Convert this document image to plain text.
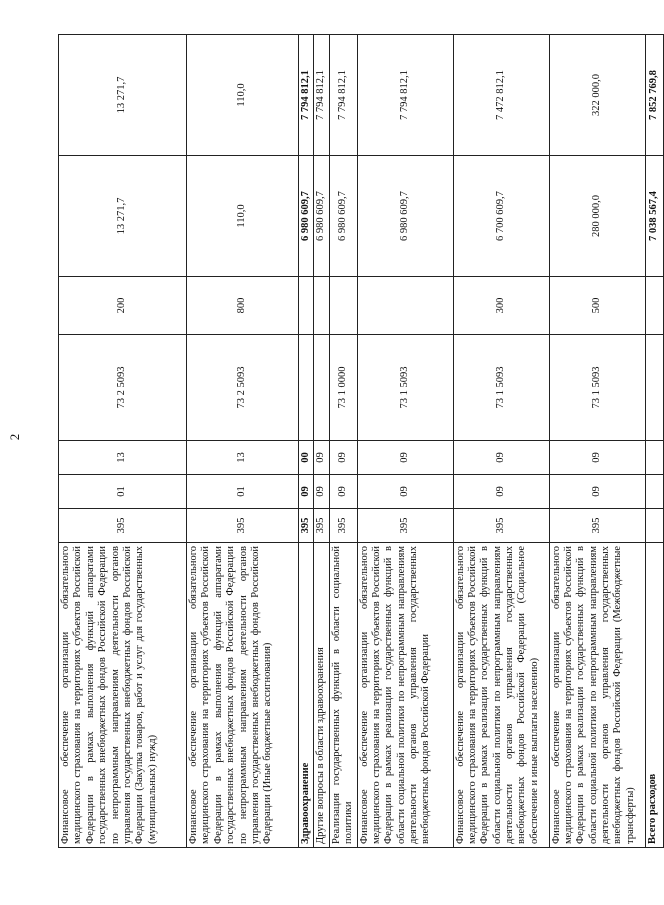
2
Финансовое обеспечение организации обязательного медицинского страхования на территориях субъектов Российской Федерации в рамках выполнения функций аппаратами государственных внебюджетных фондов Российской Федерации по непрограммным направлениям деятельности органов управления государственных внебюджетных фондов Российской Федерации (Закупка товаров, работ и услуг для государственных (муниципальных) нужд)	395	01	13	73 2 5093	200	13 271,7	13 271,7
Финансовое обеспечение организации обязательного медицинского страхования на территориях субъектов Российской Федерации в рамках выполнения функций аппаратами государственных внебюджетных фондов Российской Федерации по непрограммным направлениям деятельности органов управления государственных внебюджетных фондов Российской Федерации (Иные бюджетные ассигнования)	395	01	13	73 2 5093	800	110,0	110,0
Здравоохранение	395	09	00			6 980 609,7	7 794 812,1
Другие вопросы в области здравоохранения	395	09	09			6 980 609,7	7 794 812,1
Реализация государственных функций в области социальной политики	395	09	09	73 1 0000		6 980 609,7	7 794 812,1
Финансовое обеспечение организации обязательного медицинского страхования на территориях субъектов Российской Федерации в рамках реализации государственных функций в области социальной политики по непрограммным направлениям деятельности органов управления государственных внебюджетных фондов Российской Федерации	395	09	09	73 1 5093		6 980 609,7	7 794 812,1
Финансовое обеспечение организации обязательного медицинского страхования на территориях субъектов Российской Федерации в рамках реализации государственных функций в области социальной политики по непрограммным направлениям деятельности органов управления государственных внебюджетных фондов Российской Федерации (Социальное обеспечение и иные выплаты населению)	395	09	09	73 1 5093	300	6 700 609,7	7 472 812,1
Финансовое обеспечение организации обязательного медицинского страхования на территориях субъектов Российской Федерации в рамках реализации государственных функций в области социальной политики по непрограммным направлениям деятельности органов управления государственных внебюджетных фондов Российской Федерации (Межбюджетные трансферты)	395	09	09	73 1 5093	500	280 000,0	322 000,0
Всего расходов						7 038 567,4	7 852 769,8
